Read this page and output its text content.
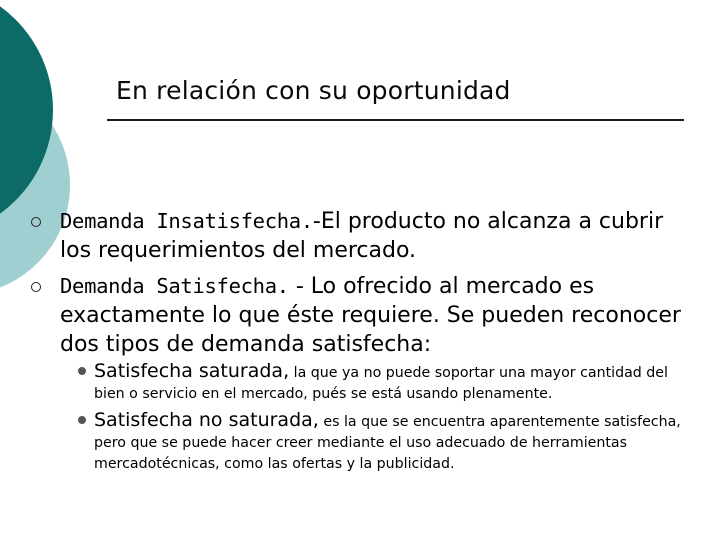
En relación con su oportunidad
Demanda Insatisfecha.-El producto no alcanza a cubrir los requerimientos del mercado.
Demanda Satisfecha. - Lo ofrecido al mercado es exactamente lo que éste requiere. Se pueden reconocer dos tipos de demanda satisfecha:
Satisfecha saturada, la que ya no puede soportar una mayor cantidad del bien o servicio en el mercado, pués se está usando plenamente.
Satisfecha no saturada, es la que se encuentra aparentemente satisfecha, pero que se puede hacer creer mediante el uso adecuado de herramientas mercadotécnicas, como las ofertas y la publicidad.
